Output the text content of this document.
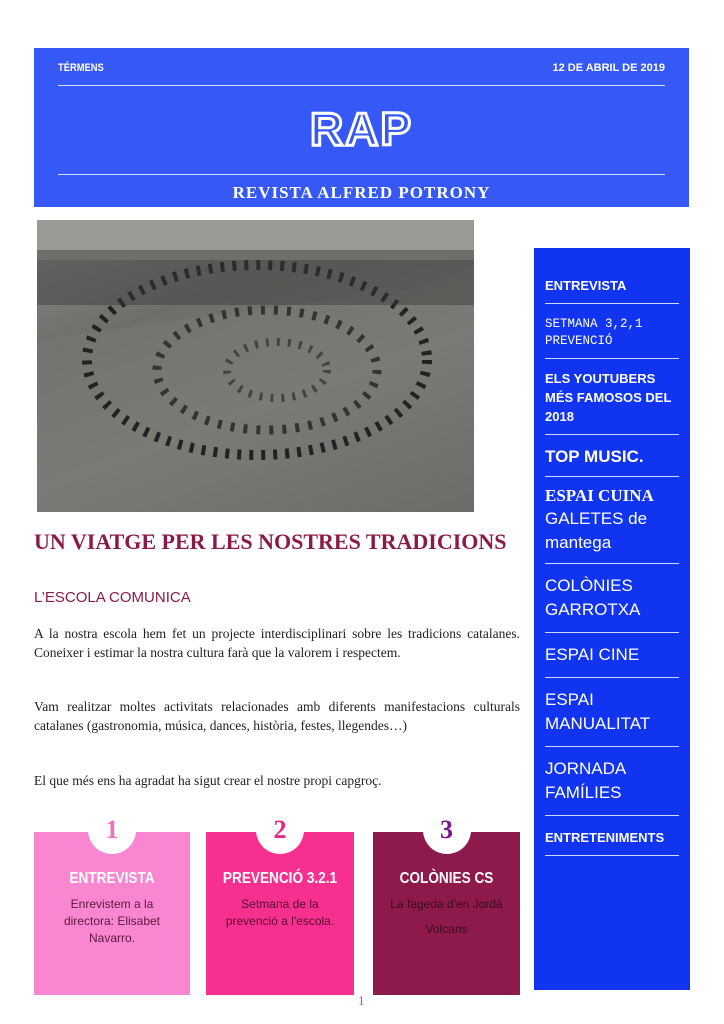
TÉRMENS	12 DE ABRIL DE 2019
RAP
REVISTA ALFRED POTRONY
UN VIATGE PER LES NOSTRES TRADICIONS
L’ESCOLA COMUNICA
A la nostra escola hem fet un projecte interdisciplinari sobre les tradicions catalanes. Coneixer i estimar la nostra cultura farà que la valorem i respectem.
Vam realitzar moltes activitats relacionades amb diferents manifestacions culturals catalanes (gastronomia, música, dances, història, festes, llegendes…)
El que més ens ha agradat ha sigut crear el nostre propi capgroç.
ENTREVISTA
SETMANA 3,2,1 PREVENCIÓ
ELS YOUTUBERS MÉS FAMOSOS DEL 2018
TOP MUSIC.
ESPAI CUINA
GALETES de mantega
COLÒNIES GARROTXA
ESPAI CINE
ESPAI MANUALITAT
JORNADA FAMÍLIES
ENTRETENIMENTS
1
ENTREVISTA

Enrevistem a la directora: Elisabet Navarro.

2
PREVENCIÓ 3.2.1

Setmana de la prevenció a l'escola.

3
COLÒNIES CS

La fageda d'en Jordà

Volcans

1
